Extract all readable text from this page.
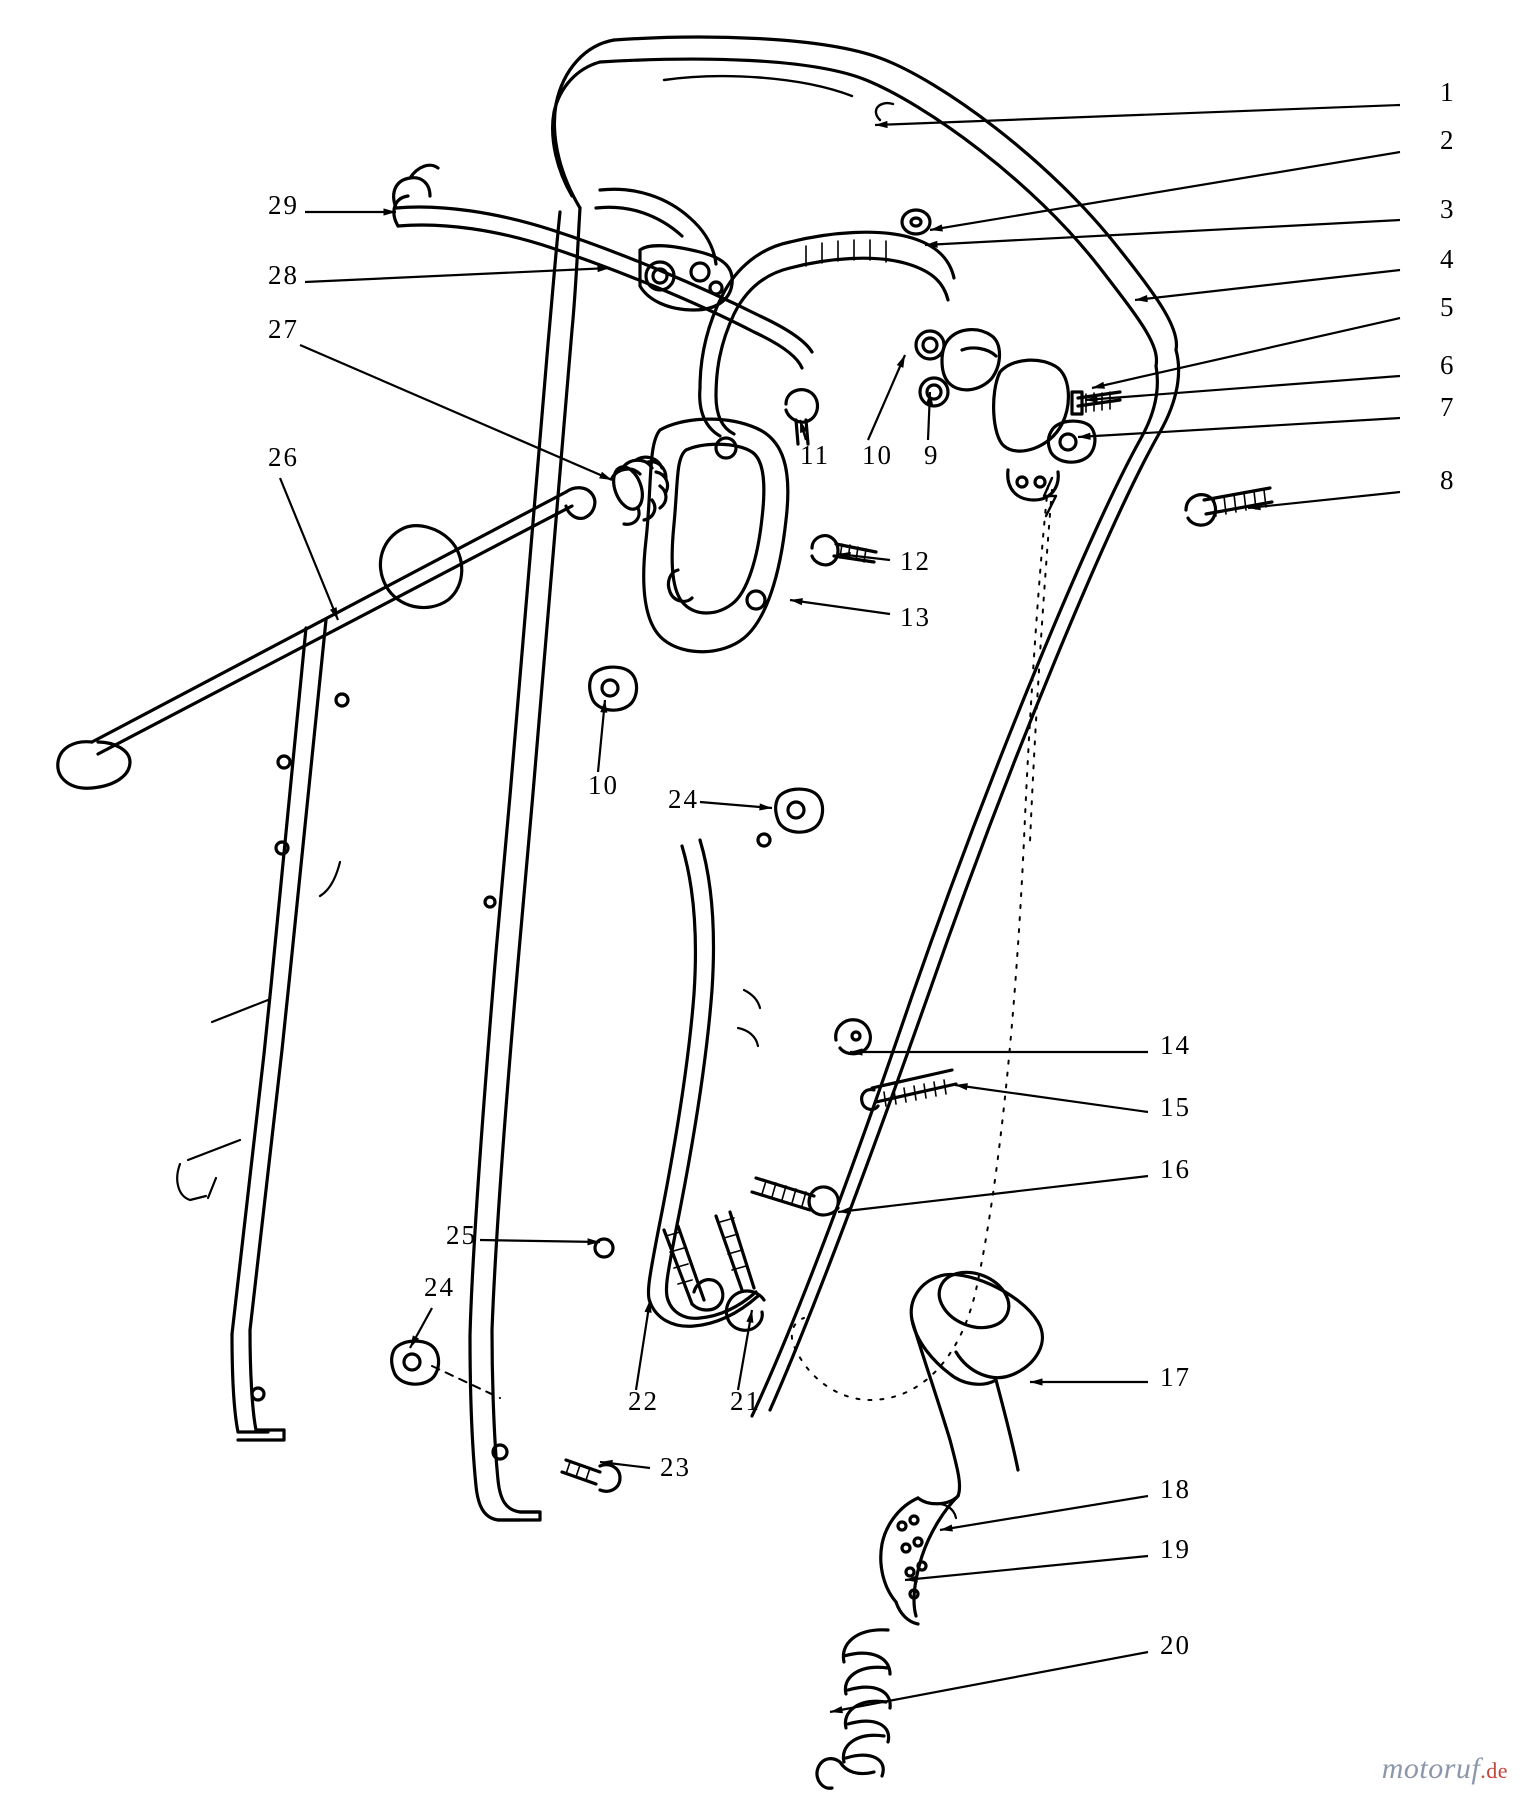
1
2
3
4
5
6
7
8
9
10
11
12
13
14
15
16
17
18
19
20
21
22
23
24
24
25
26
27
28
29
10
motoruf.de
